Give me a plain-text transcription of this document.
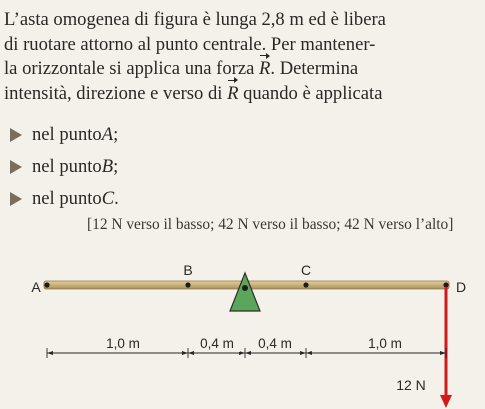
L’asta omogenea di figura è lunga 2,8 m ed è libera
di ruotare attorno al punto centrale. Per mantener-
la orizzontale si applica una forza R. Determina
intensità, direzione e verso di R quando è applicata
nel punto A ;
nel punto B ;
nel punto C .
[12 N verso il basso; 42 N verso il basso; 42 N verso l’alto]
B	C
A	D
12 N
1,0 m	0,4 m 0,4 m	1,0 m
